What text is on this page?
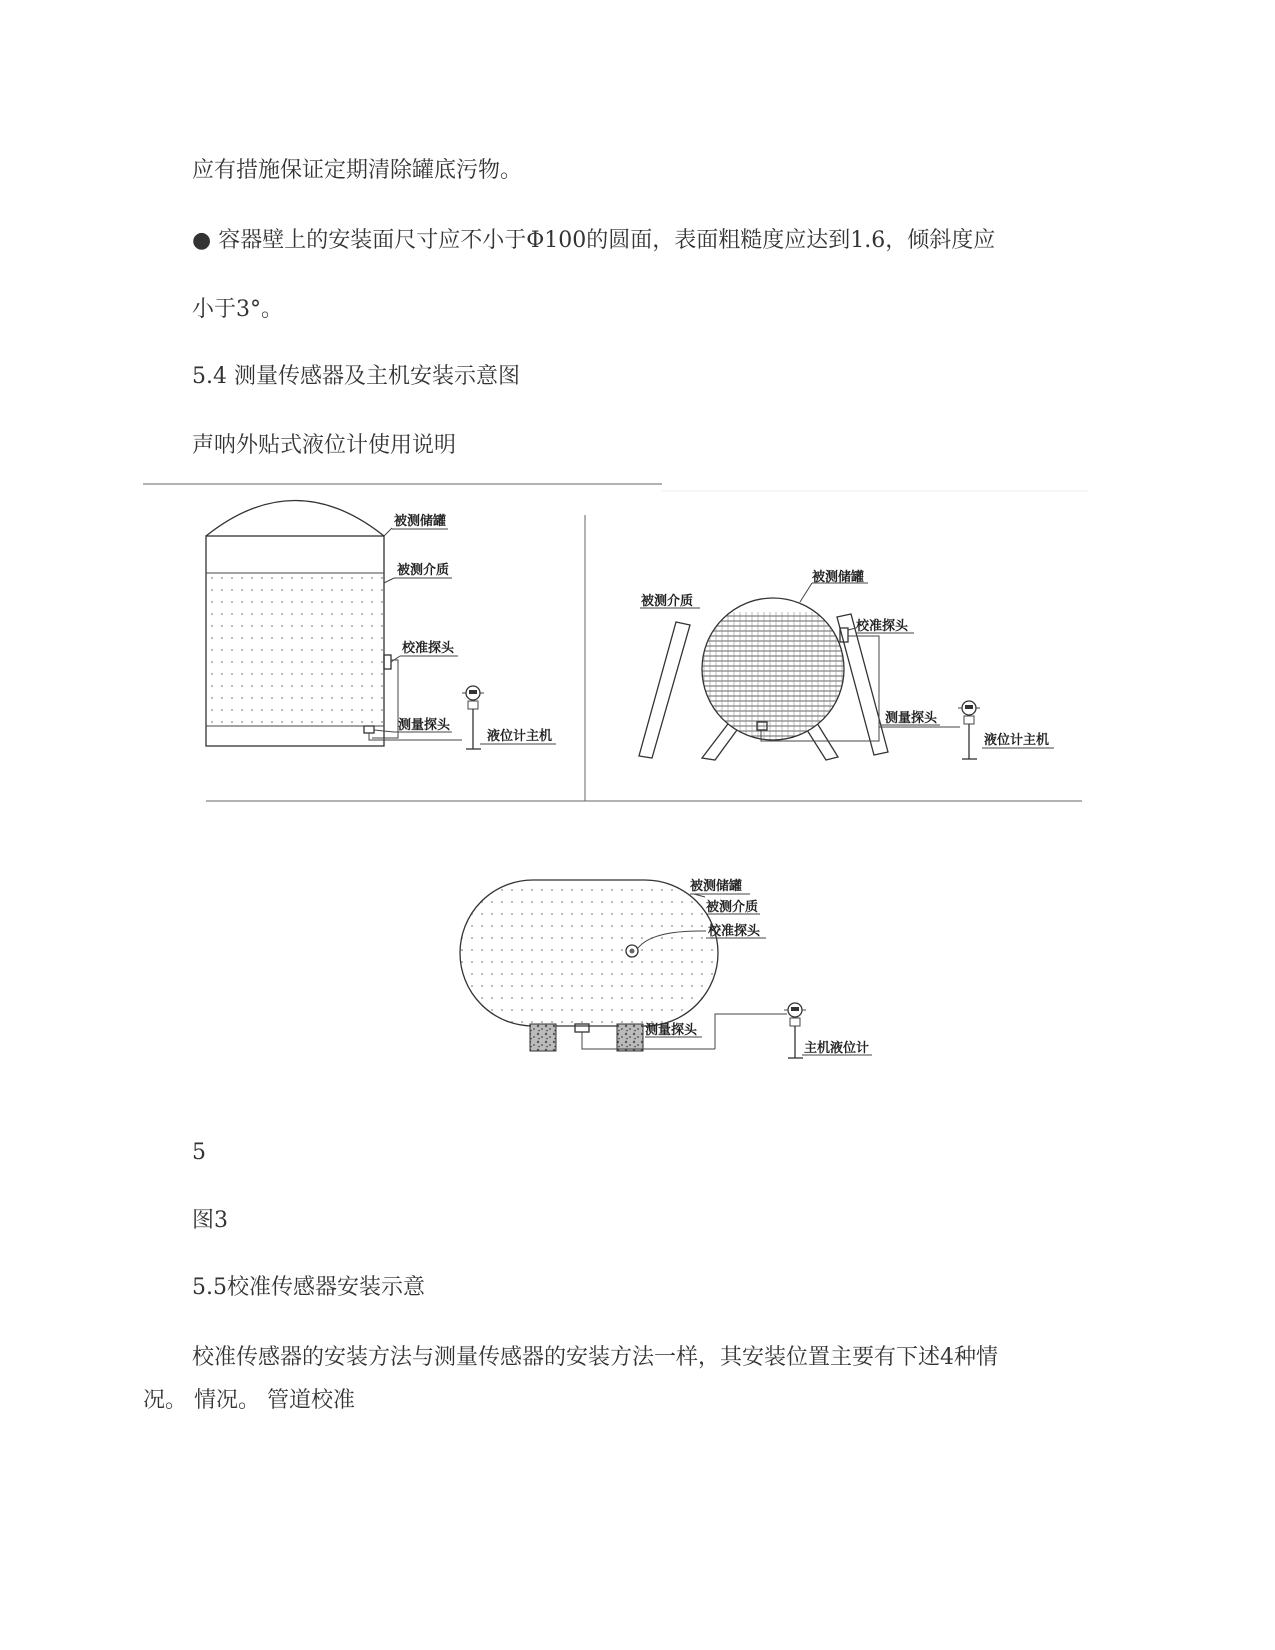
应有措施保证定期清除罐底污物。
● 容器壁上的安装面尺寸应不小于Φ100的圆面，表面粗糙度应达到1.6，倾斜度应
小于3°。
5.4 测量传感器及主机安装示意图
声呐外贴式液位计使用说明
被测储罐
被测介质
校准探头
测量探头
液位计主机
被测储罐
被测介质
校准探头
测量探头
液位计主机
被测储罐
被测介质
校准探头
测量探头
主机液位计
5
图3
5.5校准传感器安装示意
校准传感器的安装方法与测量传感器的安装方法一样，其安装位置主要有下述4种情
况。 情况。 管道校准
